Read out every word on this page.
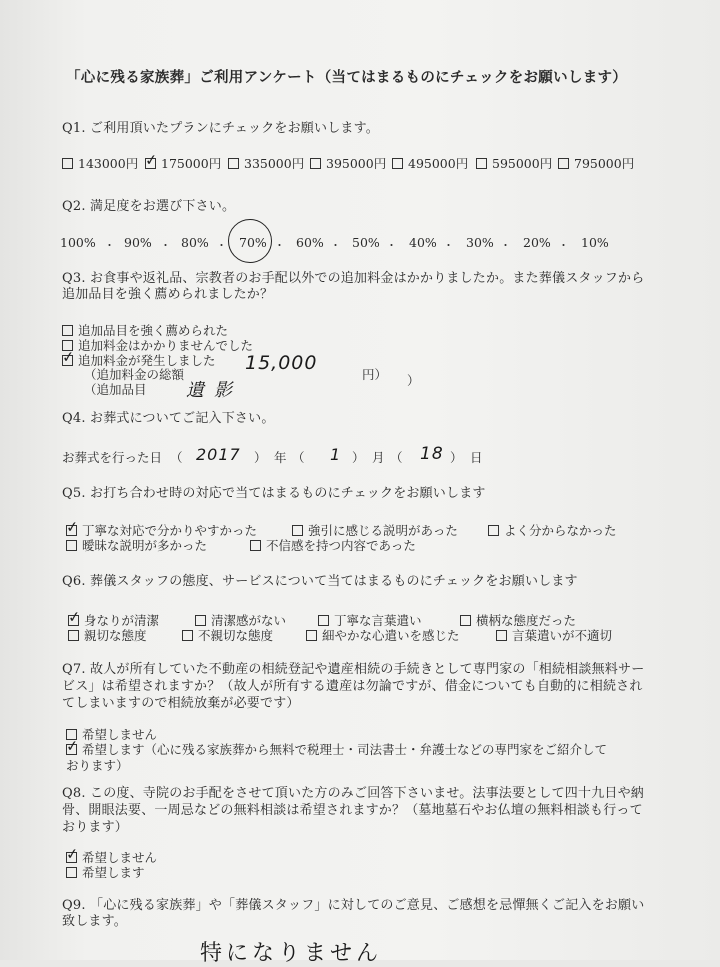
「心に残る家族葬」ご利用アンケート（当てはまるものにチェックをお願いします）
Q1. ご利用頂いたプランにチェックをお願いします。
143000円 ✓ 175000円	335000円	395000円	495000円	595000円	795000円
Q2. 満足度をお選び下さい。
100% ・ 90% ・ 80% ・ 70% ・ 60% ・ 50% ・ 40% ・ 30% ・ 20% ・ 10%
Q3. お食事や返礼品、宗教者のお手配以外での追加料金はかかりましたか。また葬儀スタッフから
追加品目を強く薦められましたか？
追加品目を強く薦められた
追加料金はかかりませんでした
✓ 追加料金が発生しました
（追加料金の総額
15,000
円）
（追加品目 遺影	）
Q4. お葬式についてご記入下さい。
お葬式を行った日 （ 2017 ） 年 （ 1 ） 月 （ 18 ） 日
Q5. お打ち合わせ時の対応で当てはまるものにチェックをお願いします
✓ 丁寧な対応で分かりやすかった	強引に感じる説明があった	よく分からなかった
曖昧な説明が多かった	不信感を持つ内容であった
Q6. 葬儀スタッフの態度、サービスについて当てはまるものにチェックをお願いします
✓ 身なりが清潔	清潔感がない	丁寧な言葉遣い	横柄な態度だった
親切な態度	不親切な態度	細やかな心遣いを感じた	言葉遣いが不適切
Q7. 故人が所有していた不動産の相続登記や遺産相続の手続きとして専門家の「相続相談無料サー
ビス」は希望されますか？（故人が所有する遺産は勿論ですが、借金についても自動的に相続され
てしまいますので相続放棄が必要です）
希望しません
✓ 希望します（心に残る家族葬から無料で税理士・司法書士・弁護士などの専門家をご紹介して
おります）
Q8. この度、寺院のお手配をさせて頂いた方のみご回答下さいませ。法事法要として四十九日や納
骨、開眼法要、一周忌などの無料相談は希望されますか？（墓地墓石やお仏壇の無料相談も行って
おります）
✓ 希望しません
希望します
Q9. 「心に残る家族葬」や「葬儀スタッフ」に対してのご意見、ご感想を忌憚無くご記入をお願い
致します。
特になりません
